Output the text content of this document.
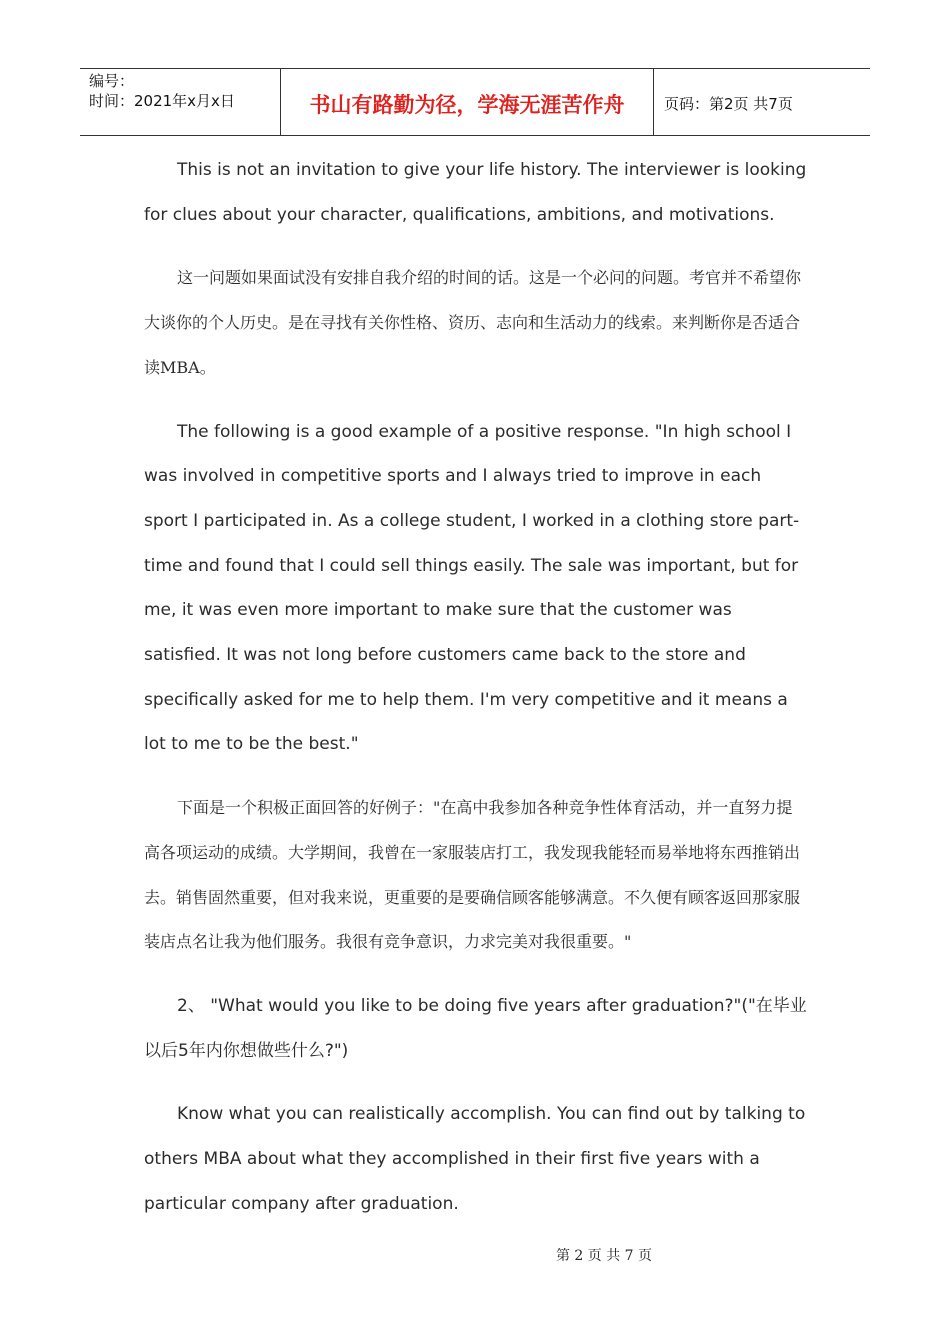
编号：
时间：2021年x月x日	书山有路勤为径，学海无涯苦作舟	页码：第2页 共7页

This is not an invitation to give your life history. The interviewer is looking for clues about your character, qualifications, ambitions, and motivations.

这一问题如果面试没有安排自我介绍的时间的话。这是一个必问的问题。考官并不希望你大谈你的个人历史。是在寻找有关你性格、资历、志向和生活动力的线索。来判断你是否适合读MBA。

The following is a good example of a positive response. "In high school I was involved in competitive sports and I always tried to improve in each sport I participated in. As a college student, I worked in a clothing store part-time and found that I could sell things easily. The sale was important, but for me, it was even more important to make sure that the customer was satisfied. It was not long before customers came back to the store and specifically asked for me to help them. I'm very competitive and it means a lot to me to be the best."

下面是一个积极正面回答的好例子："在高中我参加各种竞争性体育活动，并一直努力提高各项运动的成绩。大学期间，我曾在一家服装店打工，我发现我能轻而易举地将东西推销出去。销售固然重要，但对我来说，更重要的是要确信顾客能够满意。不久便有顾客返回那家服装店点名让我为他们服务。我很有竞争意识，力求完美对我很重要。"

2、 "What would you like to be doing five years after graduation?"("在毕业以后5年内你想做些什么?")

Know what you can realistically accomplish. You can find out by talking to others MBA about what they accomplished in their first five years with a particular company after graduation.

第 2 页 共 7 页
